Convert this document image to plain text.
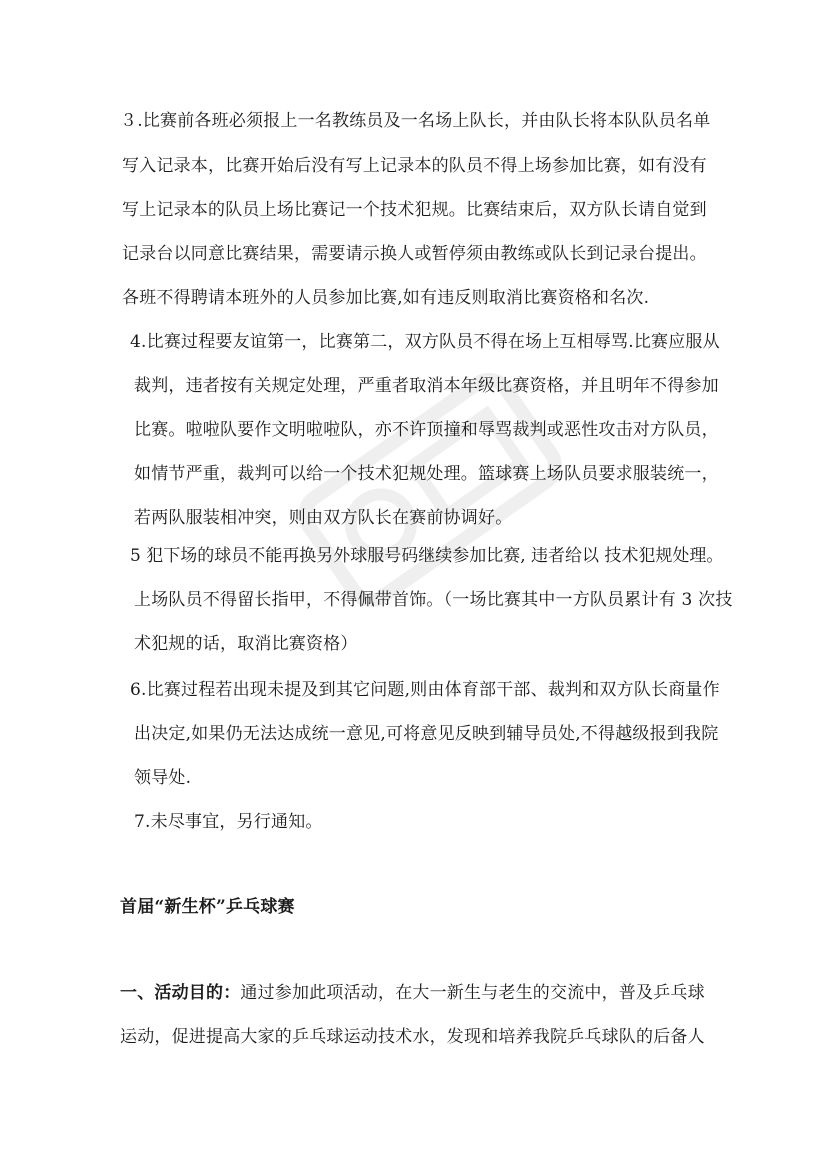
３.比赛前各班必须报上一名教练员及一名场上队长，并由队长将本队队员名单
写入记录本，比赛开始后没有写上记录本的队员不得上场参加比赛，如有没有
写上记录本的队员上场比赛记一个技术犯规。比赛结束后，双方队长请自觉到
记录台以同意比赛结果，需要请示换人或暂停须由教练或队长到记录台提出。
各班不得聘请本班外的人员参加比赛,如有违反则取消比赛资格和名次.
4.比赛过程要友谊第一，比赛第二，双方队员不得在场上互相辱骂.比赛应服从
裁判，违者按有关规定处理，严重者取消本年级比赛资格，并且明年不得参加
比赛。啦啦队要作文明啦啦队，亦不许顶撞和辱骂裁判或恶性攻击对方队员，
如情节严重，裁判可以给一个技术犯规处理。篮球赛上场队员要求服装统一，
若两队服装相冲突，则由双方队长在赛前协调好。
5 犯下场的球员不能再换另外球服号码继续参加比赛, 违者给以 技术犯规处理。
上场队员不得留长指甲，不得佩带首饰。（一场比赛其中一方队员累计有 3 次技
术犯规的话，取消比赛资格）
6.比赛过程若出现未提及到其它问题,则由体育部干部、裁判和双方队长商量作
出决定,如果仍无法达成统一意见,可将意见反映到辅导员处,不得越级报到我院
领导处.
7.未尽事宜，另行通知。
首届“新生杯”乒乓球赛
一、活动目的：通过参加此项活动，在大一新生与老生的交流中，普及乒乓球
运动，促进提高大家的乒乓球运动技术水，发现和培养我院乒乓球队的后备人
